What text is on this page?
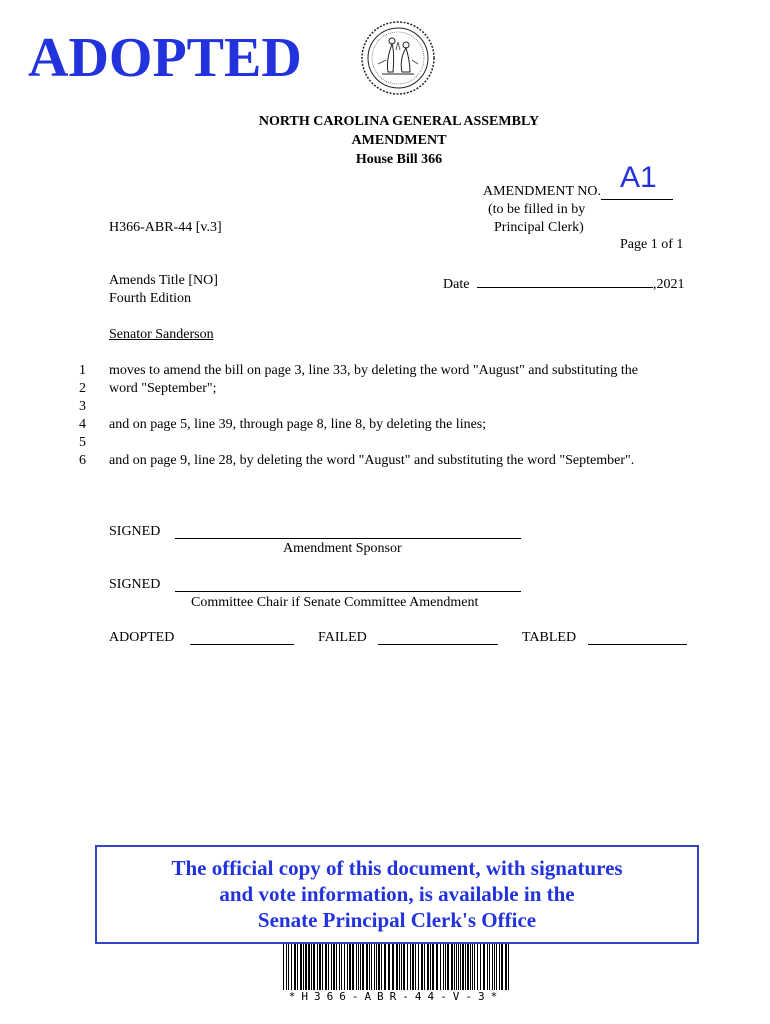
ADOPTED
NORTH CAROLINA GENERAL ASSEMBLY
AMENDMENT
House Bill 366
AMENDMENT NO. A1
(to be filled in by
Principal Clerk)
H366-ABR-44 [v.3]
Page 1 of 1
Amends Title [NO]
Fourth Edition
Date	,2021
Senator Sanderson
1 moves to amend the bill on page 3, line 33, by deleting the word "August" and substituting the
2 word "September";
3
4 and on page 5, line 39, through page 8, line 8, by deleting the lines;
5
6 and on page 9, line 28, by deleting the word "August" and substituting the word "September".
SIGNED
Amendment Sponsor
SIGNED
Committee Chair if Senate Committee Amendment
ADOPTED	FAILED	TABLED
The official copy of this document, with signatures
and vote information, is available in the
Senate Principal Clerk's Office
*H366-ABR-44-V-3*
